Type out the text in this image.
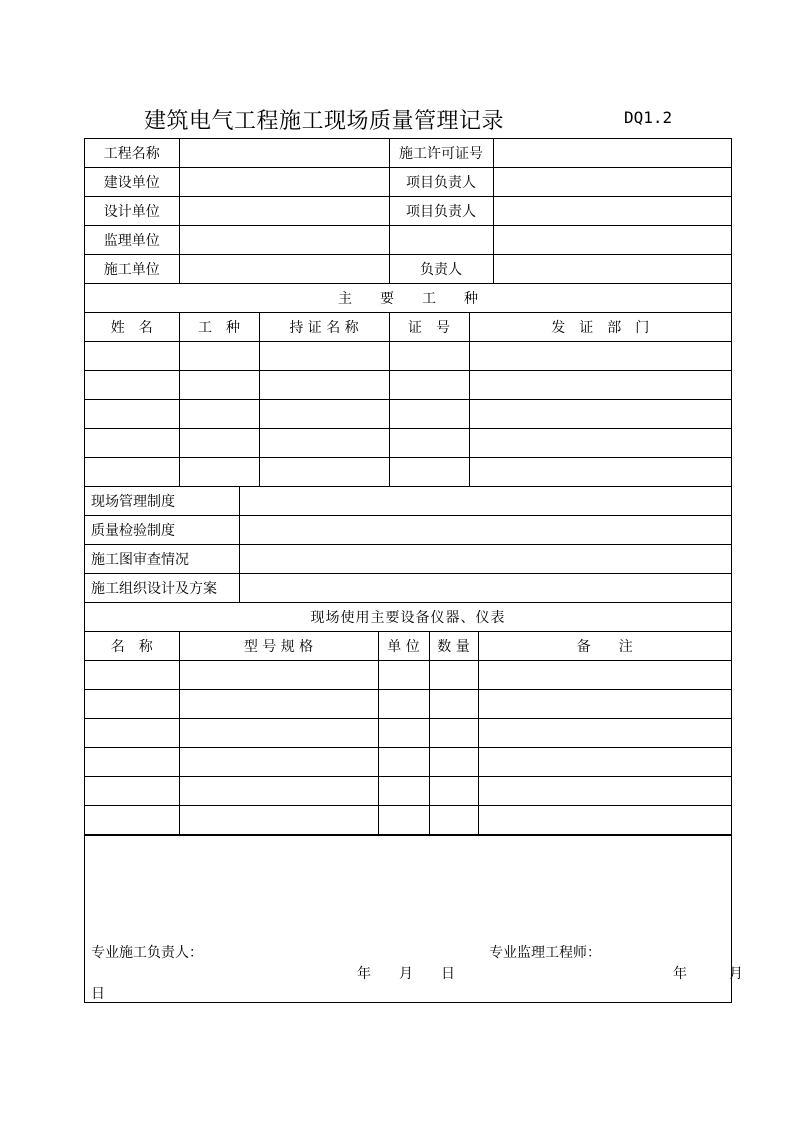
建筑电气工程施工现场质量管理记录	DQ1.2
工程名称		施工许可证号	
建设单位		项目负责人	
设计单位		项目负责人	
监理单位			
施工单位		负责人	
主　　要　　工　　种				
姓　名	工　种	持 证 名 称	证　号	发　证　部　门

现场管理制度	
质量检验制度	
施工图审查情况	
施工组织设计及方案	
现场使用主要设备仪器、仪表				
名　称	型 号 规 格	单 位	数 量	备　　注

专业施工负责人：	专业监理工程师：
年　　月　　日	年　　　月
日
